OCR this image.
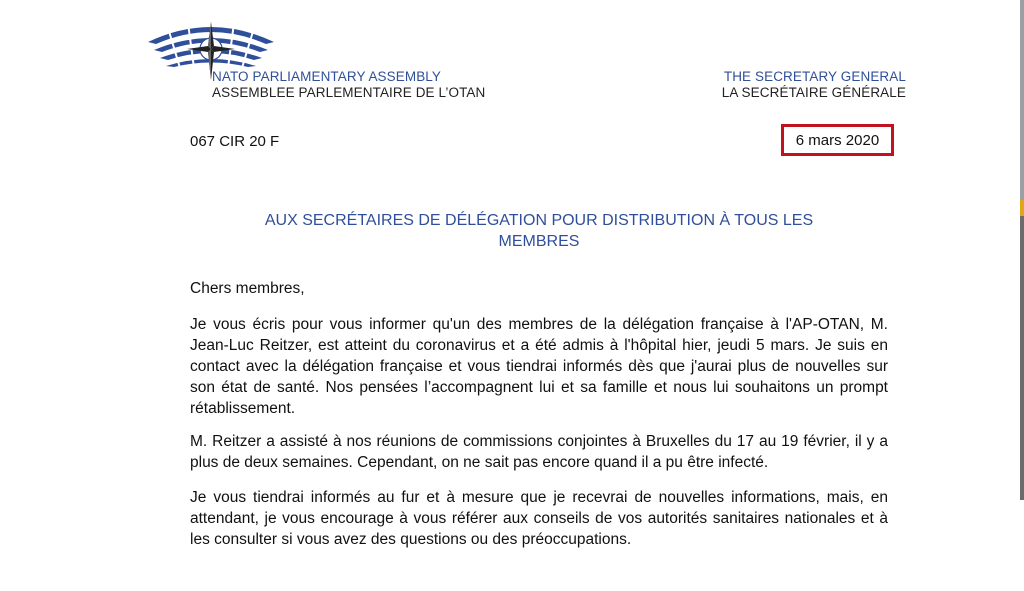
NATO PARLIAMENTARY ASSEMBLY
ASSEMBLEE PARLEMENTAIRE DE L’OTAN
THE SECRETARY GENERAL
LA SECRÉTAIRE GÉNÉRALE
067 CIR 20 F	6 mars 2020
AUX SECRÉTAIRES DE DÉLÉGATION POUR DISTRIBUTION À TOUS LES
MEMBRES
Chers membres,
Je vous écris pour vous informer qu'un des membres de la délégation française à l'AP-OTAN, M. Jean-Luc Reitzer, est atteint du coronavirus et a été admis à l'hôpital hier, jeudi 5 mars. Je suis en contact avec la délégation française et vous tiendrai informés dès que j'aurai plus de nouvelles sur son état de santé. Nos pensées l’accompagnent lui et sa famille et nous lui souhaitons un prompt rétablissement.
M. Reitzer a assisté à nos réunions de commissions conjointes à Bruxelles du 17 au 19 février, il y a plus de deux semaines. Cependant, on ne sait pas encore quand il a pu être infecté.
Je vous tiendrai informés au fur et à mesure que je recevrai de nouvelles informations, mais, en attendant, je vous encourage à vous référer aux conseils de vos autorités sanitaires nationales et à les consulter si vous avez des questions ou des préoccupations.
